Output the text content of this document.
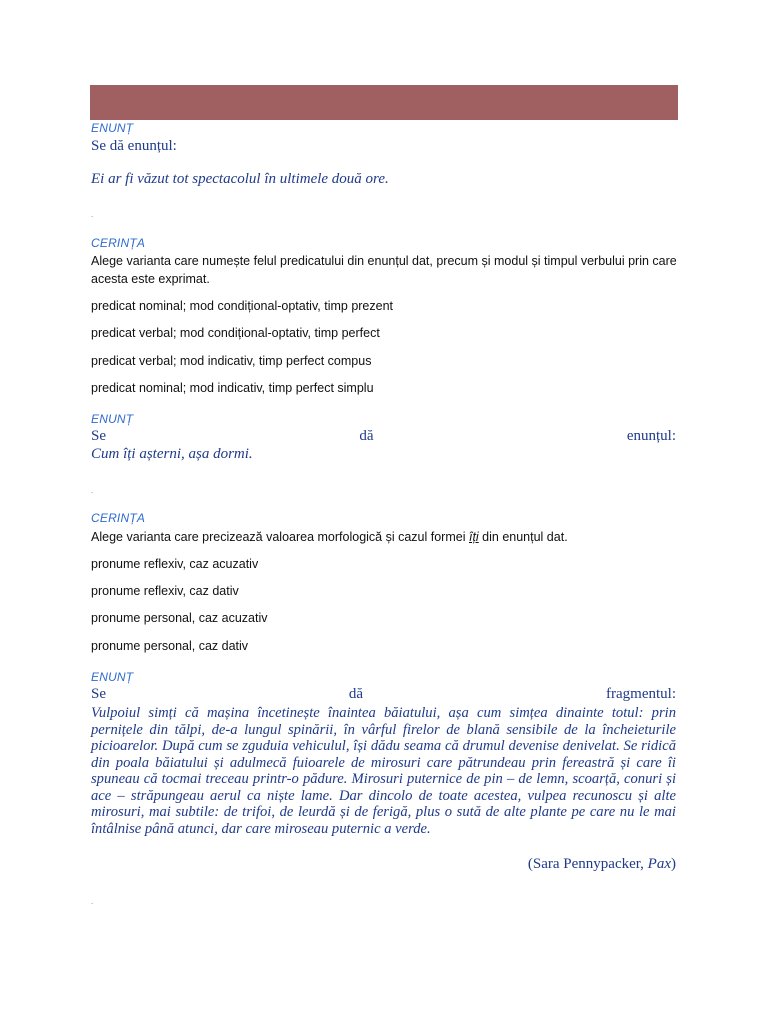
ENUNȚ
Se dă enunțul:
Ei ar fi văzut tot spectacolul în ultimele două ore.
.
CERINȚA
Alege varianta care numește felul predicatului din enunțul dat, precum și modul și timpul verbului prin care acesta este exprimat.
predicat nominal; mod condițional-optativ, timp prezent
predicat verbal; mod condițional-optativ, timp perfect
predicat verbal; mod indicativ, timp perfect compus
predicat nominal; mod indicativ, timp perfect simplu
ENUNȚ
Se	dă	enunțul:
Cum îți așterni, așa dormi.
.
CERINȚA
Alege varianta care precizează valoarea morfologică și cazul formei îți din enunțul dat.
pronume reflexiv, caz acuzativ
pronume reflexiv, caz dativ
pronume personal, caz acuzativ
pronume personal, caz dativ
ENUNȚ
Se	dă	fragmentul:

Vulpoiul simți că mașina încetinește înaintea băiatului, așa cum simțea dinainte totul: prin pernițele din tălpi, de-a lungul spinării, în vârful firelor de blană sensibile de la încheieturile picioarelor. După cum se zguduia vehiculul, își dădu seama că drumul devenise denivelat. Se ridică din poala băiatului și adulmecă fuioarele de mirosuri care pătrundeau prin fereastră și care îi spuneau că tocmai treceau printr-o pădure. Mirosuri puternice de pin – de lemn, scoarță, conuri și ace – străpungeau aerul ca niște lame. Dar dincolo de toate acestea, vulpea recunoscu și alte mirosuri, mai subtile: de trifoi, de leurdă și de ferigă, plus o sută de alte plante pe care nu le mai întâlnise până atunci, dar care miroseau puternic a verde.

(Sara Pennypacker, Pax)
.
